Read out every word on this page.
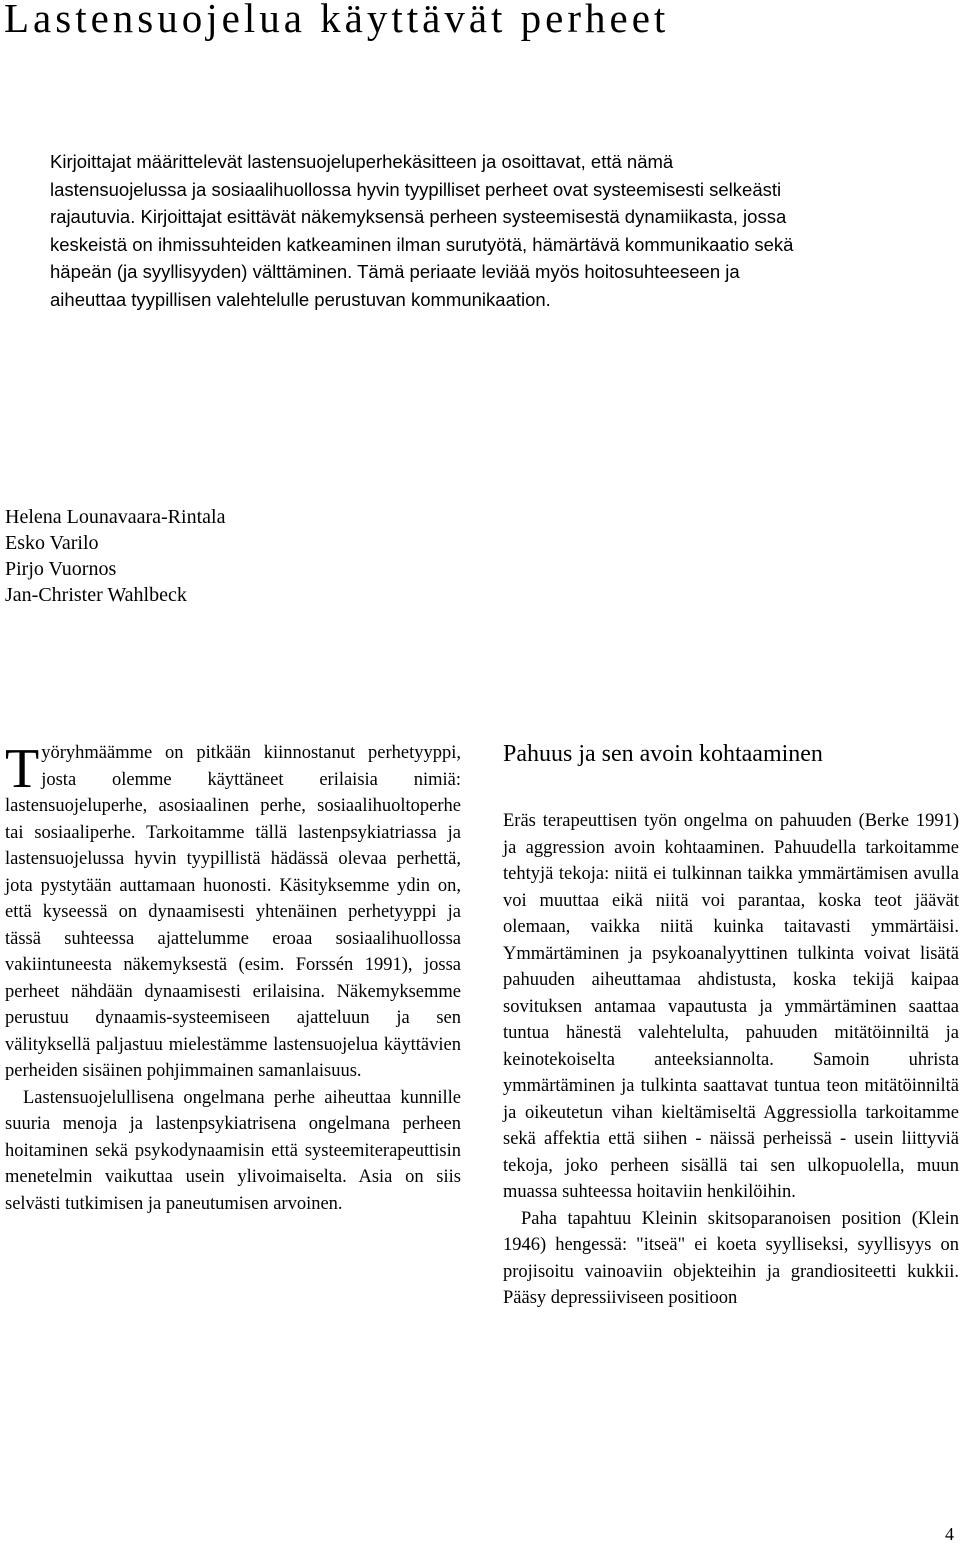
Lastensuojelua käyttävät perheet

Kirjoittajat määrittelevät lastensuojeluperhekäsitteen ja osoittavat, että nämä lastensuojelussa ja sosiaalihuollossa hyvin tyypilliset perheet ovat systeemisesti selkeästi rajautuvia. Kirjoittajat esittävät näkemyksensä perheen systeemisestä dynamiikasta, jossa keskeistä on ihmissuhteiden katkeaminen ilman surutyötä, hämärtävä kommunikaatio sekä häpeän (ja syyllisyyden) välttäminen. Tämä periaate leviää myös hoitosuhteeseen ja aiheuttaa tyypillisen valehtelulle perustuvan kommunikaation.

Helena Lounavaara-Rintala
Esko Varilo
Pirjo Vuornos
Jan-Christer Wahlbeck

Työryhmäämme on pitkään kiinnostanut perhetyyppi, josta olemme käyttäneet erilaisia nimiä: lastensuojeluperhe, asosiaalinen perhe, sosiaalihuoltoperhe tai sosiaaliperhe. Tarkoitamme tällä lastenpsykiatriassa ja lastensuojelussa hyvin tyypillistä hädässä olevaa perhettä, jota pystytään auttamaan huonosti. Käsityksemme ydin on, että kyseessä on dynaamisesti yhtenäinen perhetyyppi ja tässä suhteessa ajattelumme eroaa sosiaalihuollossa vakiintuneesta näkemyksestä (esim. Forssén 1991), jossa perheet nähdään dynaamisesti erilaisina. Näkemyksemme perustuu dynaamis-systeemiseen ajatteluun ja sen välityksellä paljastuu mielestämme lastensuojelua käyttävien perheiden sisäinen pohjimmainen samanlaisuus.

Lastensuojelullisena ongelmana perhe aiheuttaa kunnille suuria menoja ja lastenpsykiatrisena ongelmana perheen hoitaminen sekä psykodynaamisin että systeemiterapeuttisin menetelmin vaikuttaa usein ylivoimaiselta. Asia on siis selvästi tutkimisen ja paneutumisen arvoinen.

Pahuus ja sen avoin kohtaaminen

Eräs terapeuttisen työn ongelma on pahuuden (Berke 1991) ja aggression avoin kohtaaminen. Pahuudella tarkoitamme tehtyjä tekoja: niitä ei tulkinnan taikka ymmärtämisen avulla voi muuttaa eikä niitä voi parantaa, koska teot jäävät olemaan, vaikka niitä kuinka taitavasti ymmärtäisi. Ymmärtäminen ja psykoanalyyttinen tulkinta voivat lisätä pahuuden aiheuttamaa ahdistusta, koska tekijä kaipaa sovituksen antamaa vapautusta ja ymmärtäminen saattaa tuntua hänestä valehtelulta, pahuuden mitätöinniltä ja keinotekoiselta anteeksiannolta. Samoin uhrista ymmärtäminen ja tulkinta saattavat tuntua teon mitätöinniltä ja oikeutetun vihan kieltämiseltä Aggressiolla tarkoitamme sekä affektia että siihen - näissä perheissä - usein liittyviä tekoja, joko perheen sisällä tai sen ulkopuolella, muun muassa suhteessa hoitaviin henkilöihin.

Paha tapahtuu Kleinin skitsoparanoisen position (Klein 1946) hengessä: "itseä" ei koeta syylliseksi, syyllisyys on projisoitu vainoaviin objekteihin ja grandiositeetti kukkii. Pääsy depressiiviseen positioon

4
